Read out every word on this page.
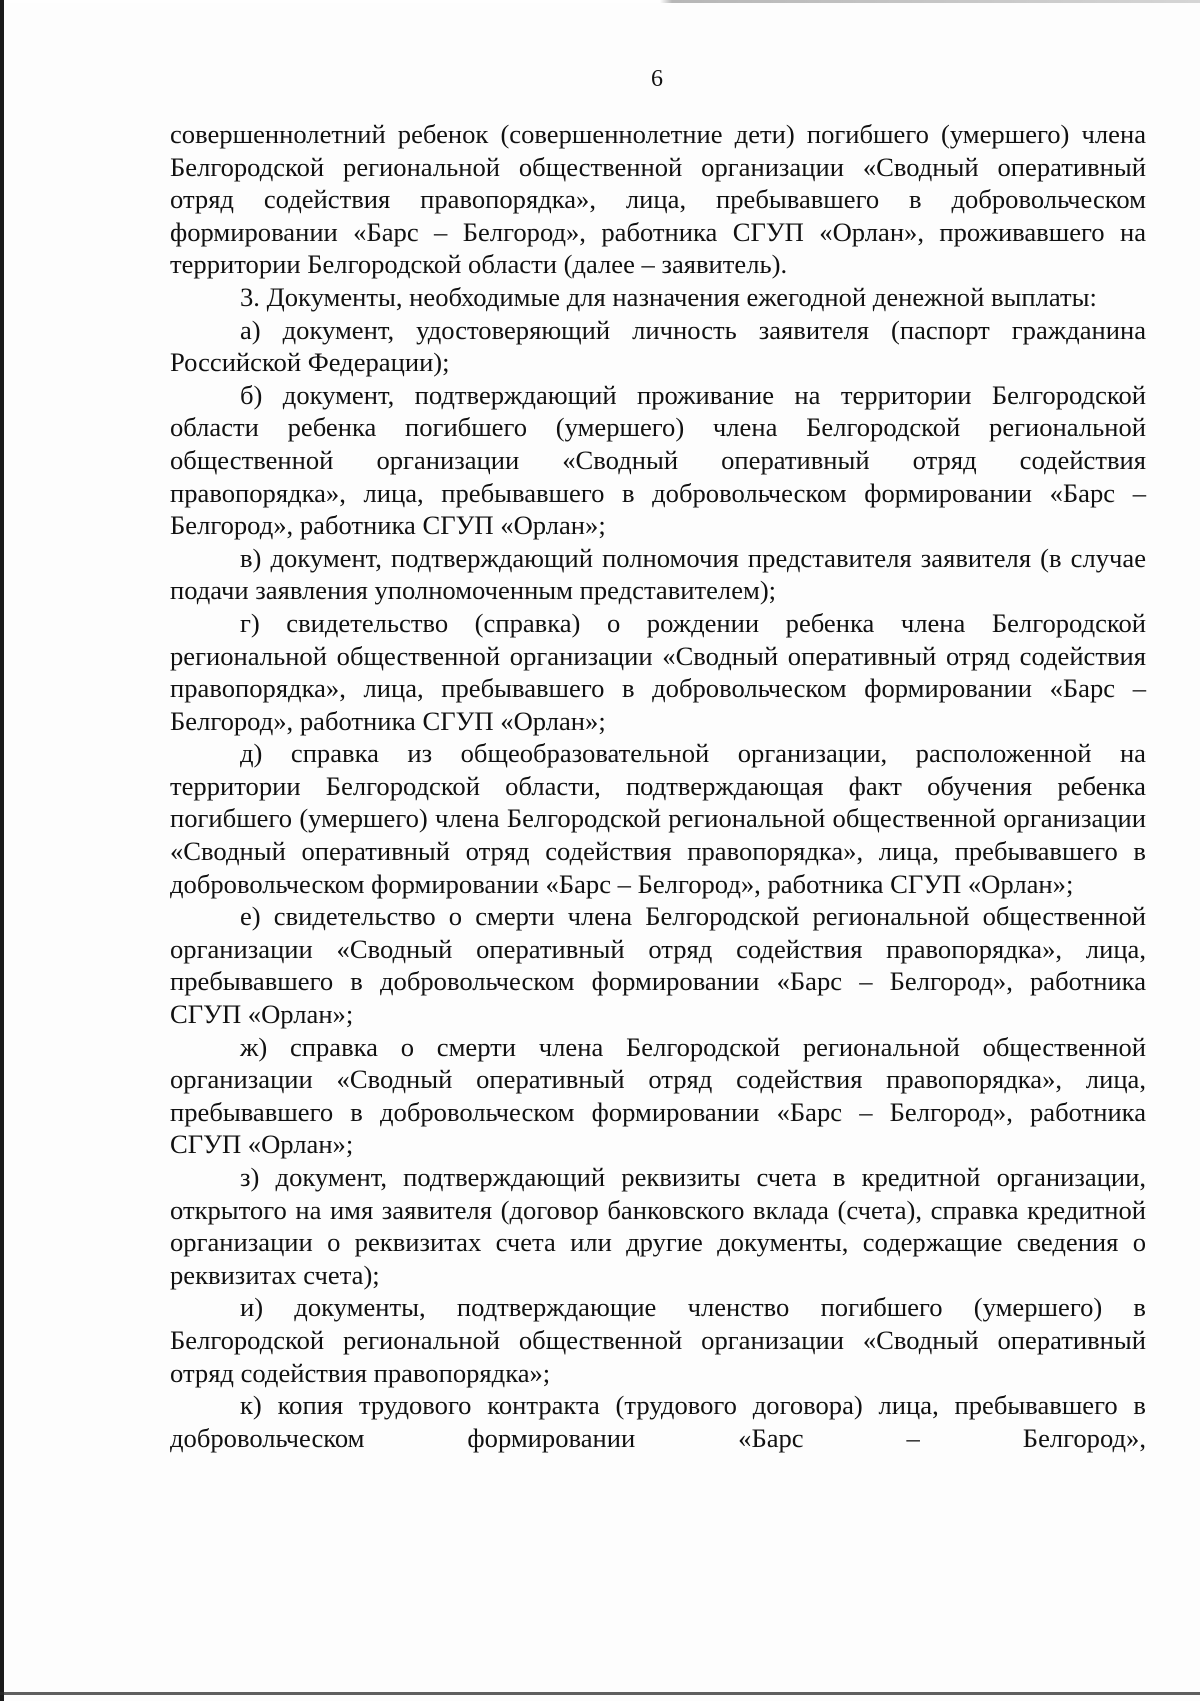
6

совершеннолетний ребенок (совершеннолетние дети) погибшего (умершего) члена Белгородской региональной общественной организации «Сводный оперативный отряд содействия правопорядка», лица, пребывавшего в добровольческом формировании «Барс – Белгород», работника СГУП «Орлан», проживавшего на территории Белгородской области (далее – заявитель).

3. Документы, необходимые для назначения ежегодной денежной выплаты:

а) документ, удостоверяющий личность заявителя (паспорт гражданина Российской Федерации);

б) документ, подтверждающий проживание на территории Белгородской области ребенка погибшего (умершего) члена Белгородской региональной общественной организации «Сводный оперативный отряд содействия правопорядка», лица, пребывавшего в добровольческом формировании «Барс – Белгород», работника СГУП «Орлан»;

в) документ, подтверждающий полномочия представителя заявителя (в случае подачи заявления уполномоченным представителем);

г) свидетельство (справка) о рождении ребенка члена Белгородской региональной общественной организации «Сводный оперативный отряд содействия правопорядка», лица, пребывавшего в добровольческом формировании «Барс – Белгород», работника СГУП «Орлан»;

д) справка из общеобразовательной организации, расположенной на территории Белгородской области, подтверждающая факт обучения ребенка погибшего (умершего) члена Белгородской региональной общественной организации «Сводный оперативный отряд содействия правопорядка», лица, пребывавшего в добровольческом формировании «Барс – Белгород», работника СГУП «Орлан»;

е) свидетельство о смерти члена Белгородской региональной общественной организации «Сводный оперативный отряд содействия правопорядка», лица, пребывавшего в добровольческом формировании «Барс – Белгород», работника СГУП «Орлан»;

ж) справка о смерти члена Белгородской региональной общественной организации «Сводный оперативный отряд содействия правопорядка», лица, пребывавшего в добровольческом формировании «Барс – Белгород», работника СГУП «Орлан»;

з) документ, подтверждающий реквизиты счета в кредитной организации, открытого на имя заявителя (договор банковского вклада (счета), справка кредитной организации о реквизитах счета или другие документы, содержащие сведения о реквизитах счета);

и) документы, подтверждающие членство погибшего (умершего) в Белгородской региональной общественной организации «Сводный оперативный отряд содействия правопорядка»;

к) копия трудового контракта (трудового договора) лица, пребывавшего в добровольческом формировании «Барс – Белгород»,
